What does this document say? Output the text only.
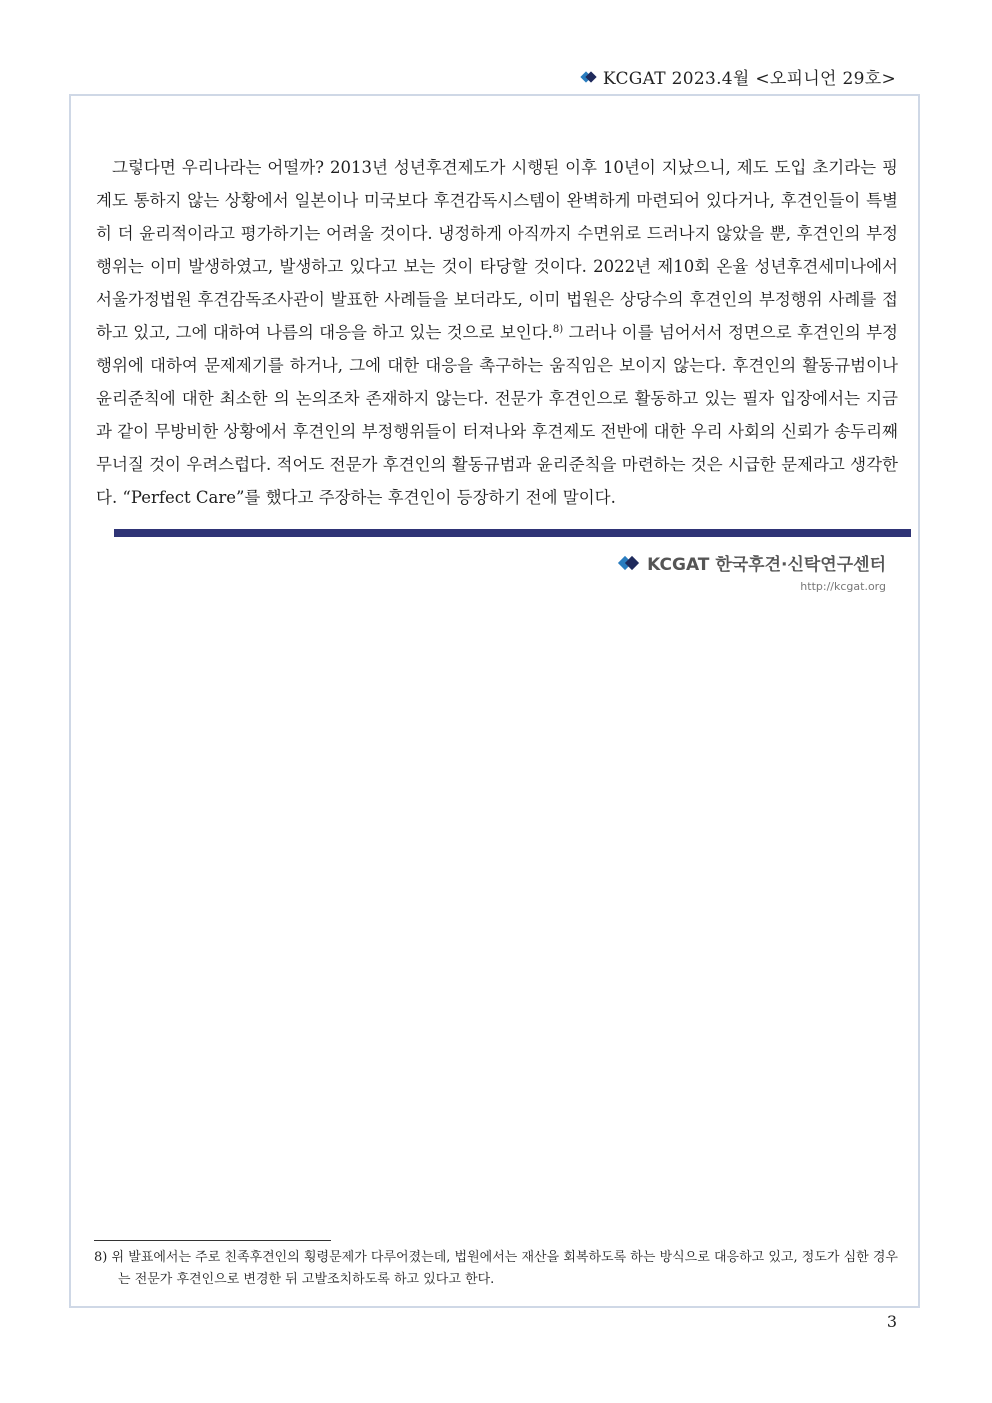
KCGAT 2023.4월 <오피니언 29호>

그렇다면 우리나라는 어떨까? 2013년 성년후견제도가 시행된 이후 10년이 지났으니, 제도 도입 초기라는 핑계도 통하지 않는 상황에서 일본이나 미국보다 후견감독시스템이 완벽하게 마련되어 있다거나, 후견인들이 특별히 더 윤리적이라고 평가하기는 어려울 것이다. 냉정하게 아직까지 수면위로 드러나지 않았을 뿐, 후견인의 부정행위는 이미 발생하였고, 발생하고 있다고 보는 것이 타당할 것이다. 2022년 제10회 온율 성년후견세미나에서 서울가정법원 후견감독조사관이 발표한 사례들을 보더라도, 이미 법원은 상당수의 후견인의 부정행위 사례를 접하고 있고, 그에 대하여 나름의 대응을 하고 있는 것으로 보인다.$^{8)}$ 그러나 이를 넘어서서 정면으로 후견인의 부정행위에 대하여 문제제기를 하거나, 그에 대한 대응을 촉구하는 움직임은 보이지 않는다. 후견인의 활동규범이나 윤리준칙에 대한 최소한 의 논의조차 존재하지 않는다. 전문가 후견인으로 활동하고 있는 필자 입장에서는 지금과 같이 무방비한 상황에서 후견인의 부정행위들이 터져나와 후견제도 전반에 대한 우리 사회의 신뢰가 송두리째 무너질 것이 우려스럽다. 적어도 전문가 후견인의 활동규범과 윤리준칙을 마련하는 것은 시급한 문제라고 생각한다. “Perfect Care”를 했다고 주장하는 후견인이 등장하기 전에 말이다.

KCGAT 한국후견·신탁연구센터
http://kcgat.org
8) 위 발표에서는 주로 친족후견인의 횡령문제가 다루어졌는데, 법원에서는 재산을 회복하도록 하는 방식으로 대응하고 있고, 정도가 심한 경우는 전문가 후견인으로 변경한 뒤 고발조치하도록 하고 있다고 한다.
3
